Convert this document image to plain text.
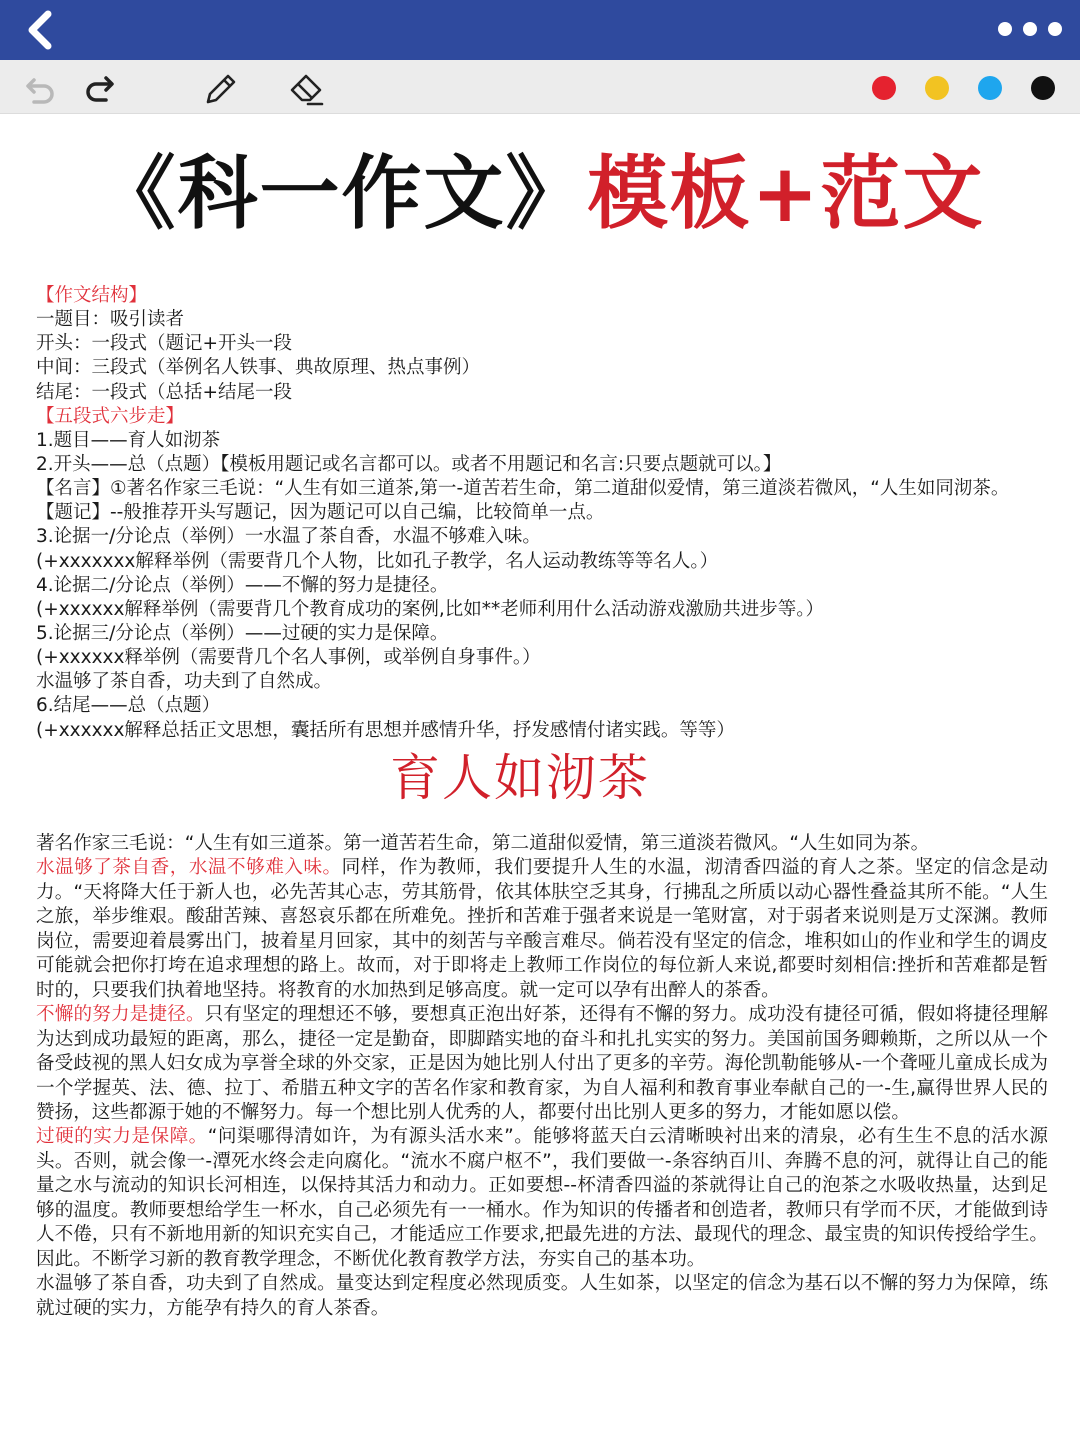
《科一作文》模板+范文
【作文结构】
一题目：吸引读者
开头：一段式（题记+开头一段
中间：三段式（举例名人铁事、典故原理、热点事例）
结尾：一段式（总括+结尾一段
【五段式六步走】
1.题目——育人如沏茶
2.开头——总（点题）【模板用题记或名言都可以。或者不用题记和名言:只要点题就可以。】
【名言】①著名作家三毛说：“人生有如三道茶,第一-道苦若生命，第二道甜似爱情，第三道淡若微风，“人生如同沏茶。
【题记】--般推荐开头写题记，因为题记可以自己编，比较简单一点。
3.论据一/分论点（举例）一水温了茶自香，水温不够难入味。
(+xxxxxxx解释举例（需要背几个人物，比如孔子教学，名人运动教练等等名人。）
4.论据二/分论点（举例）——不懈的努力是捷径。
(+xxxxxx解释举例（需要背几个教育成功的案例,比如**老师利用什么活动游戏激励共进步等。）
5.论据三/分论点（举例）——过硬的实力是保障。
(+xxxxxx释举例（需要背几个名人事例，或举例自身事件。）
水温够了茶自香，功夫到了自然成。
6.结尾——总（点题）
(+xxxxxx解释总括正文思想，囊括所有思想并感情升华，抒发感情付诸实践。等等）
育人如沏茶

著名作家三毛说：“人生有如三道茶。第一道苦若生命，第二道甜似爱情，第三道淡若微风。“人生如同为茶。

水温够了茶自香，水温不够难入味。同样，作为教师，我们要提升人生的水温，沏清香四溢的育人之茶。坚定的信念是动力。“天将降大任于新人也，必先苦其心志，劳其筋骨，依其体肤空乏其身，行拂乱之所质以动心器性叠益其所不能。“人生之旅，举步维艰。酸甜苦辣、喜怒哀乐都在所难免。挫折和苦难于强者来说是一笔财富，对于弱者来说则是万丈深渊。教师岗位，需要迎着晨雾出门，披着星月回家，其中的刻苦与辛酸言难尽。倘若没有坚定的信念，堆积如山的作业和学生的调皮可能就会把你打垮在追求理想的路上。故而，对于即将走上教师工作岗位的每位新人来说,都要时刻相信:挫折和苦难都是暂时的，只要我们执着地坚持。将教育的水加热到足够高度。就一定可以孕有出醉人的茶香。

不懈的努力是捷径。只有坚定的理想还不够，要想真正泡出好茶，还得有不懈的努力。成功没有捷径可循，假如将捷径理解为达到成功最短的距离，那么，捷径一定是勤奋，即脚踏实地的奋斗和扎扎实实的努力。美国前国务卿赖斯，之所以从一个备受歧视的黑人妇女成为享誉全球的外交家，正是因为她比别人付出了更多的辛劳。海伦凯勒能够从-一个聋哑儿童成长成为一个学握英、法、德、拉丁、希腊五种文字的苦名作家和教育家，为自人福利和教育事业奉献自己的一-生,赢得世界人民的赞扬，这些都源于她的不懈努力。每一个想比别人优秀的人，都要付出比别人更多的努力，才能如愿以偿。

过硬的实力是保障。“问渠哪得清如许，为有源头活水来”。能够将蓝天白云清晰映衬出来的清泉，必有生生不息的活水源头。否则，就会像一-潭死水终会走向腐化。“流水不腐户枢不”，我们要做一-条容纳百川、奔腾不息的河，就得让自己的能量之水与流动的知识长河相连，以保持其活力和动力。正如要想--杯清香四溢的茶就得让自己的泡茶之水吸收热量，达到足够的温度。教师要想给学生一杯水，自己必须先有一一桶水。作为知识的传播者和创造者，教师只有学而不厌，才能做到诗人不倦，只有不新地用新的知识充实自己，才能适应工作要求,把最先进的方法、最现代的理念、最宝贵的知识传授给学生。因此。不断学习新的教育教学理念，不断优化教育教学方法，夯实自己的基本功。

水温够了茶自香，功夫到了自然成。量变达到定程度必然现质变。人生如茶，以坚定的信念为基石以不懈的努力为保障，练就过硬的实力，方能孕有持久的育人茶香。
